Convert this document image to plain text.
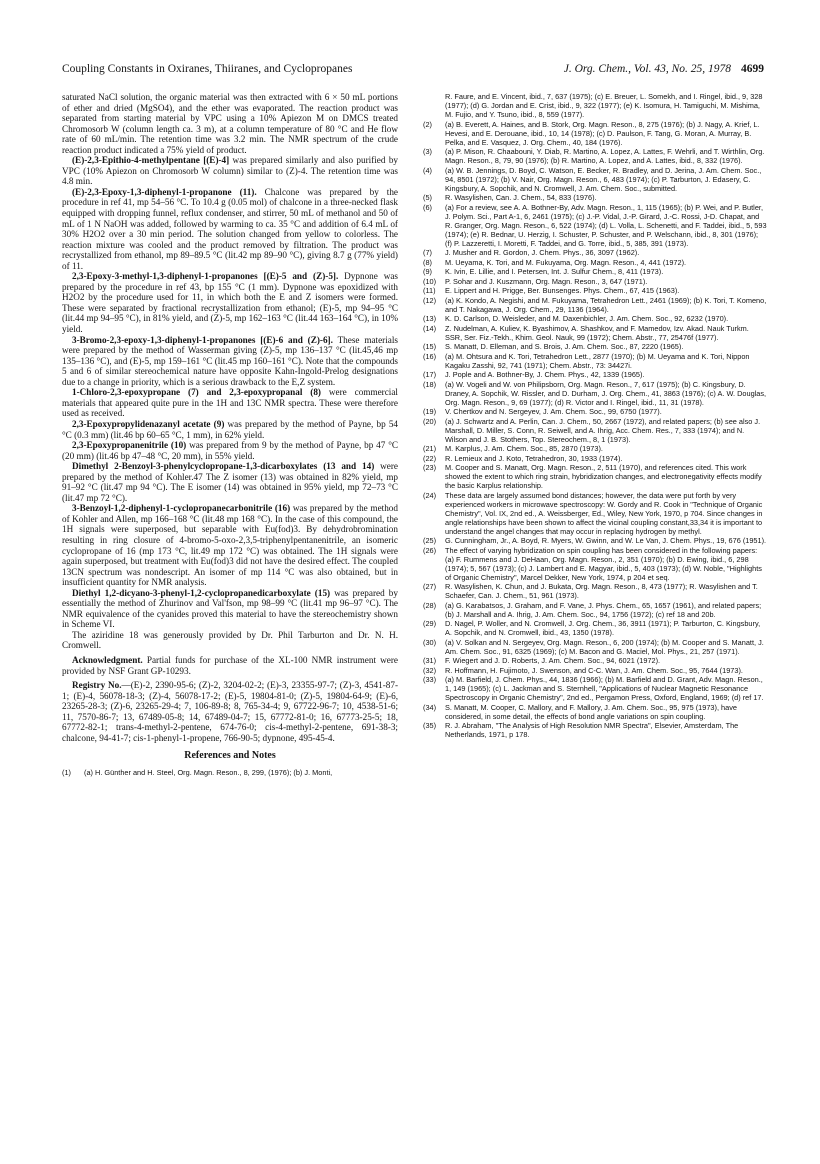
Coupling Constants in Oxiranes, Thiiranes, and Cyclopropanes	J. Org. Chem., Vol. 43, No. 25, 1978 4699

saturated NaCl solution, the organic material was then extracted with 6 × 50 mL portions of ether and dried (MgSO4), and the ether was evaporated. The reaction product was separated from starting material by VPC using a 10% Apiezon M on DMCS treated Chromosorb W (column length ca. 3 m), at a column temperature of 80 °C and He flow rate of 60 mL/min. The retention time was 3.2 min. The NMR spectrum of the crude reaction product indicated a 75% yield of product.

(E)-2,3-Epithio-4-methylpentane [(E)-4] was prepared similarly and also purified by VPC (10% Apiezon on Chromosorb W column) similar to (Z)-4. The retention time was 4.8 min.

(E)-2,3-Epoxy-1,3-diphenyl-1-propanone (11). Chalcone was prepared by the procedure in ref 41, mp 54–56 °C. To 10.4 g (0.05 mol) of chalcone in a three-necked flask equipped with dropping funnel, reflux condenser, and stirrer, 50 mL of methanol and 50 of mL of 1 N NaOH was added, followed by warming to ca. 35 °C and addition of 6.4 mL of 30% H2O2 over a 30 min period. The solution changed from yellow to colorless. The reaction mixture was cooled and the product removed by filtration. The product was recrystallized from ethanol, mp 89–89.5 °C (lit.42 mp 89–90 °C), giving 8.7 g (77% yield) of 11.

2,3-Epoxy-3-methyl-1,3-diphenyl-1-propanones [(E)-5 and (Z)-5]. Dypnone was prepared by the procedure in ref 43, bp 155 °C (1 mm). Dypnone was epoxidized with H2O2 by the procedure used for 11, in which both the E and Z isomers were formed. These were separated by fractional recrystallization from ethanol; (E)-5, mp 94–95 °C (lit.44 mp 94–95 °C), in 81% yield, and (Z)-5, mp 162–163 °C (lit.44 163–164 °C), in 10% yield.

3-Bromo-2,3-epoxy-1,3-diphenyl-1-propanones [(E)-6 and (Z)-6]. These materials were prepared by the method of Wasserman giving (Z)-5, mp 136–137 °C (lit.45,46 mp 135–136 °C), and (E)-5, mp 159–161 °C (lit.45 mp 160–161 °C). Note that the compounds 5 and 6 of similar stereochemical nature have opposite Kahn-Ingold-Prelog designations due to a change in priority, which is a serious drawback to the E,Z system.

1-Chloro-2,3-epoxypropane (7) and 2,3-epoxypropanal (8) were commercial materials that appeared quite pure in the 1H and 13C NMR spectra. These were therefore used as received.

2,3-Epoxypropylidenazanyl acetate (9) was prepared by the method of Payne, bp 54 °C (0.3 mm) (lit.46 bp 60–65 °C, 1 mm), in 62% yield.

2,3-Epoxypropanenitrile (10) was prepared from 9 by the method of Payne, bp 47 °C (20 mm) (lit.46 bp 47–48 °C, 20 mm), in 55% yield.

Dimethyl 2-Benzoyl-3-phenylcyclopropane-1,3-dicarboxylates (13 and 14) were prepared by the method of Kohler.47 The Z isomer (13) was obtained in 82% yield, mp 91–92 °C (lit.47 mp 94 °C). The E isomer (14) was obtained in 95% yield, mp 72–73 °C (lit.47 mp 72 °C).

3-Benzoyl-1,2-diphenyl-1-cyclopropanecarbonitrile (16) was prepared by the method of Kohler and Allen, mp 166–168 °C (lit.48 mp 168 °C). In the case of this compound, the 1H signals were superposed, but separable with Eu(fod)3. By dehydrobromination resulting in ring closure of 4-bromo-5-oxo-2,3,5-triphenylpentanenitrile, an isomeric cyclopropane of 16 (mp 173 °C, lit.49 mp 172 °C) was obtained. The 1H signals were again superposed, but treatment with Eu(fod)3 did not have the desired effect. The coupled 13CN spectrum was nondescript. An isomer of mp 114 °C was also obtained, but in insufficient quantity for NMR analysis.

Diethyl 1,2-dicyano-3-phenyl-1,2-cyclopropanedicarboxylate (15) was prepared by essentially the method of Zhurinov and Val'fson, mp 98–99 °C (lit.41 mp 96–97 °C). The NMR equivalence of the cyanides proved this material to have the stereochemistry shown in Scheme VI.

The aziridine 18 was generously provided by Dr. Phil Tarburton and Dr. N. H. Cromwell.

Acknowledgment. Partial funds for purchase of the XL-100 NMR instrument were provided by NSF Grant GP-10293.

Registry No.—(E)-2, 2390-95-6; (Z)-2, 3204-02-2; (E)-3, 23355-97-7; (Z)-3, 4541-87-1; (E)-4, 56078-18-3; (Z)-4, 56078-17-2; (E)-5, 19804-81-0; (Z)-5, 19804-64-9; (E)-6, 23265-28-3; (Z)-6, 23265-29-4; 7, 106-89-8; 8, 765-34-4; 9, 67722-96-7; 10, 4538-51-6; 11, 7570-86-7; 13, 67489-05-8; 14, 67489-04-7; 15, 67772-81-0; 16, 67773-25-5; 18, 67772-82-1; trans-4-methyl-2-pentene, 674-76-0; cis-4-methyl-2-pentene, 691-38-3; chalcone, 94-41-7; cis-1-phenyl-1-propene, 766-90-5; dypnone, 495-45-4.

References and Notes

(1) (a) H. Günther and H. Steel, Org. Magn. Reson., 8, 299, (1976); (b) J. Monti,

R. Faure, and E. Vincent, ibid., 7, 637 (1975); (c) E. Breuer, L. Somekh, and I. Ringel, ibid., 9, 328 (1977); (d) G. Jordan and E. Crist, ibid., 9, 322 (1977); (e) K. Isomura, H. Tamiguchi, M. Mishima, M. Fujio, and Y. Tsuno, ibid., 8, 559 (1977).

(2) (a) B. Everett, A. Haines, and B. Stork, Org. Magn. Reson., 8, 275 (1976); (b) J. Nagy, A. Krief, L. Hevesi, and E. Derouane, ibid., 10, 14 (1978); (c) D. Paulson, F. Tang, G. Moran, A. Murray, B. Pelka, and E. Vasquez, J. Org. Chem., 40, 184 (1976).

(3) (a) P. Mison, R. Chaabouni, Y. Diab, R. Martino, A. Lopez, A. Lattes, F. Wehrli, and T. Wirthlin, Org. Magn. Reson., 8, 79, 90 (1976); (b) R. Martino, A. Lopez, and A. Lattes, ibid., 8, 332 (1976).

(4) (a) W. B. Jennings, D. Boyd, C. Watson, E. Becker, R. Bradley, and D. Jerina, J. Am. Chem. Soc., 94, 8501 (1972); (b) V. Nair, Org. Magn. Reson., 6, 483 (1974); (c) P. Tarburton, J. Edasery, C. Kingsbury, A. Sopchik, and N. Cromwell, J. Am. Chem. Soc., submitted.

(5) R. Wasylishen, Can. J. Chem., 54, 833 (1976).

(6) (a) For a review, see A. A. Bothner-By, Adv. Magn. Reson., 1, 115 (1965); (b) P. Wei, and P. Butler, J. Polym. Sci., Part A-1, 6, 2461 (1975); (c) J.-P. Vidal, J.-P. Girard, J.-C. Rossi, J-D. Chapat, and R. Granger, Org. Magn. Reson., 6, 522 (1974); (d) L. Volla, L. Schenetti, and F. Taddei, ibid., 5, 593 (1974); (e) R. Bednar, U. Herzig, I. Schuster, P. Schuster, and P. Welschann, ibid., 8, 301 (1976); (f) P. Lazzeretti, I. Moretti, F. Taddei, and G. Torre, ibid., 5, 385, 391 (1973).

(7) J. Musher and R. Gordon, J. Chem. Phys., 36, 3097 (1962).

(8) M. Ueyama, K. Tori, and M. Fukuyama, Org. Magn. Reson., 4, 441 (1972).

(9) K. Ivin, E. Lillie, and I. Petersen, Int. J. Sulfur Chem., 8, 411 (1973).

(10) P. Sohar and J. Kuszmann, Org. Magn. Reson., 3, 647 (1971).

(11) E. Lippert and H. Prigge, Ber. Bunsenges. Phys. Chem., 67, 415 (1963).

(12) (a) K. Kondo, A. Negishi, and M. Fukuyama, Tetrahedron Lett., 2461 (1969); (b) K. Tori, T. Komeno, and T. Nakagawa, J. Org. Chem., 29, 1136 (1964).

(13) K. D. Carlson, D. Weisleder, and M. Daxenbichler, J. Am. Chem. Soc., 92, 6232 (1970).

(14) Z. Nudelman, A. Kuliev, K. Byashimov, A. Shashkov, and F. Mamedov, Izv. Akad. Nauk Turkm. SSR, Ser. Fiz.-Tekh., Khim. Geol. Nauk, 99 (1972); Chem. Abstr., 77, 25476f (1977).

(15) S. Manatt, D. Elleman, and S. Brois, J. Am. Chem. Soc., 87, 2220 (1965).

(16) (a) M. Ohtsura and K. Tori, Tetrahedron Lett., 2877 (1970); (b) M. Ueyama and K. Tori, Nippon Kagaku Zasshi, 92, 741 (1971); Chem. Abstr., 73: 34427i.

(17) J. Pople and A. Bothner-By, J. Chem. Phys., 42, 1339 (1965).

(18) (a) W. Vogeli and W. von Philipsborn, Org. Magn. Reson., 7, 617 (1975); (b) C. Kingsbury, D. Draney, A. Sopchik, W. Rissler, and D. Durham, J. Org. Chem., 41, 3863 (1976); (c) A. W. Douglas, Org. Magn. Reson., 9, 69 (1977); (d) R. Victor and I. Ringel, ibid., 11, 31 (1978).

(19) V. Chertkov and N. Sergeyev, J. Am. Chem. Soc., 99, 6750 (1977).

(20) (a) J. Schwartz and A. Perlin, Can. J. Chem., 50, 2667 (1972), and related papers; (b) see also J. Marshall, D. Miller, S. Conn, R. Seiwell, and A. Ihrig, Acc. Chem. Res., 7, 333 (1974); and N. Wilson and J. B. Stothers, Top. Stereochem., 8, 1 (1973).

(21) M. Karplus, J. Am. Chem. Soc., 85, 2870 (1973).

(22) R. Lemieux and J. Koto, Tetrahedron, 30, 1933 (1974).

(23) M. Cooper and S. Manatt, Org. Magn. Reson., 2, 511 (1970), and references cited. This work showed the extent to which ring strain, hybridization changes, and electronegativity effects modify the basic Karplus relationship.

(24) These data are largely assumed bond distances; however, the data were put forth by very experienced workers in microwave spectroscopy: W. Gordy and R. Cook in "Technique of Organic Chemistry", Vol. IX, 2nd ed., A. Weissberger, Ed., Wiley, New York, 1970, p 704. Since changes in angle relationships have been shown to affect the vicinal coupling constant,33,34 it is important to understand the angel changes that may occur in replacing hydrogen by methyl.

(25) G. Cunningham, Jr., A. Boyd, R. Myers, W. Gwinn, and W. Le Van, J. Chem. Phys., 19, 676 (1951).

(26) The effect of varying hybridization on spin coupling has been considered in the following papers: (a) F. Rummens and J. DeHaan, Org. Magn. Reson., 2, 351 (1970); (b) D. Ewing, ibid., 6, 298 (1974); 5, 567 (1973); (c) J. Lambert and E. Magyar, ibid., 5, 403 (1973); (d) W. Noble, "Highlights of Organic Chemistry", Marcel Dekker, New York, 1974, p 204 et seq.

(27) R. Wasylishen, K. Chun, and J. Bukata, Org. Magn. Reson., 8, 473 (1977); R. Wasylishen and T. Schaefer, Can. J. Chem., 51, 961 (1973).

(28) (a) G. Karabatsos, J. Graham, and F. Vane, J. Phys. Chem., 65, 1657 (1961), and related papers; (b) J. Marshall and A. Ihrig, J. Am. Chem. Soc., 94, 1756 (1972); (c) ref 18 and 20b.

(29) D. Nagel, P. Woller, and N. Cromwell, J. Org. Chem., 36, 3911 (1971); P. Tarburton, C. Kingsbury, A. Sopchik, and N. Cromwell, ibid., 43, 1350 (1978).

(30) (a) V. Solkan and N. Sergeyev, Org. Magn. Reson., 6, 200 (1974); (b) M. Cooper and S. Manatt, J. Am. Chem. Soc., 91, 6325 (1969); (c) M. Bacon and G. Maciel, Mol. Phys., 21, 257 (1971).

(31) F. Wiegert and J. D. Roberts, J. Am. Chem. Soc., 94, 6021 (1972).

(32) R. Hoffmann, H. Fujimoto, J. Swenson, and C-C. Wan, J. Am. Chem. Soc., 95, 7644 (1973).

(33) (a) M. Barfield, J. Chem. Phys., 44, 1836 (1966); (b) M. Barfield and D. Grant, Adv. Magn. Reson., 1, 149 (1965); (c) L. Jackman and S. Sternhell, "Applications of Nuclear Magnetic Resonance Spectroscopy in Organic Chemistry", 2nd ed., Pergamon Press, Oxford, England, 1969; (d) ref 17.

(34) S. Manatt, M. Cooper, C. Mallory, and F. Mallory, J. Am. Chem. Soc., 95, 975 (1973), have considered, in some detail, the effects of bond angle variations on spin coupling.

(35) R. J. Abraham, "The Analysis of High Resolution NMR Spectra", Elsevier, Amsterdam, The Netherlands, 1971, p 178.
